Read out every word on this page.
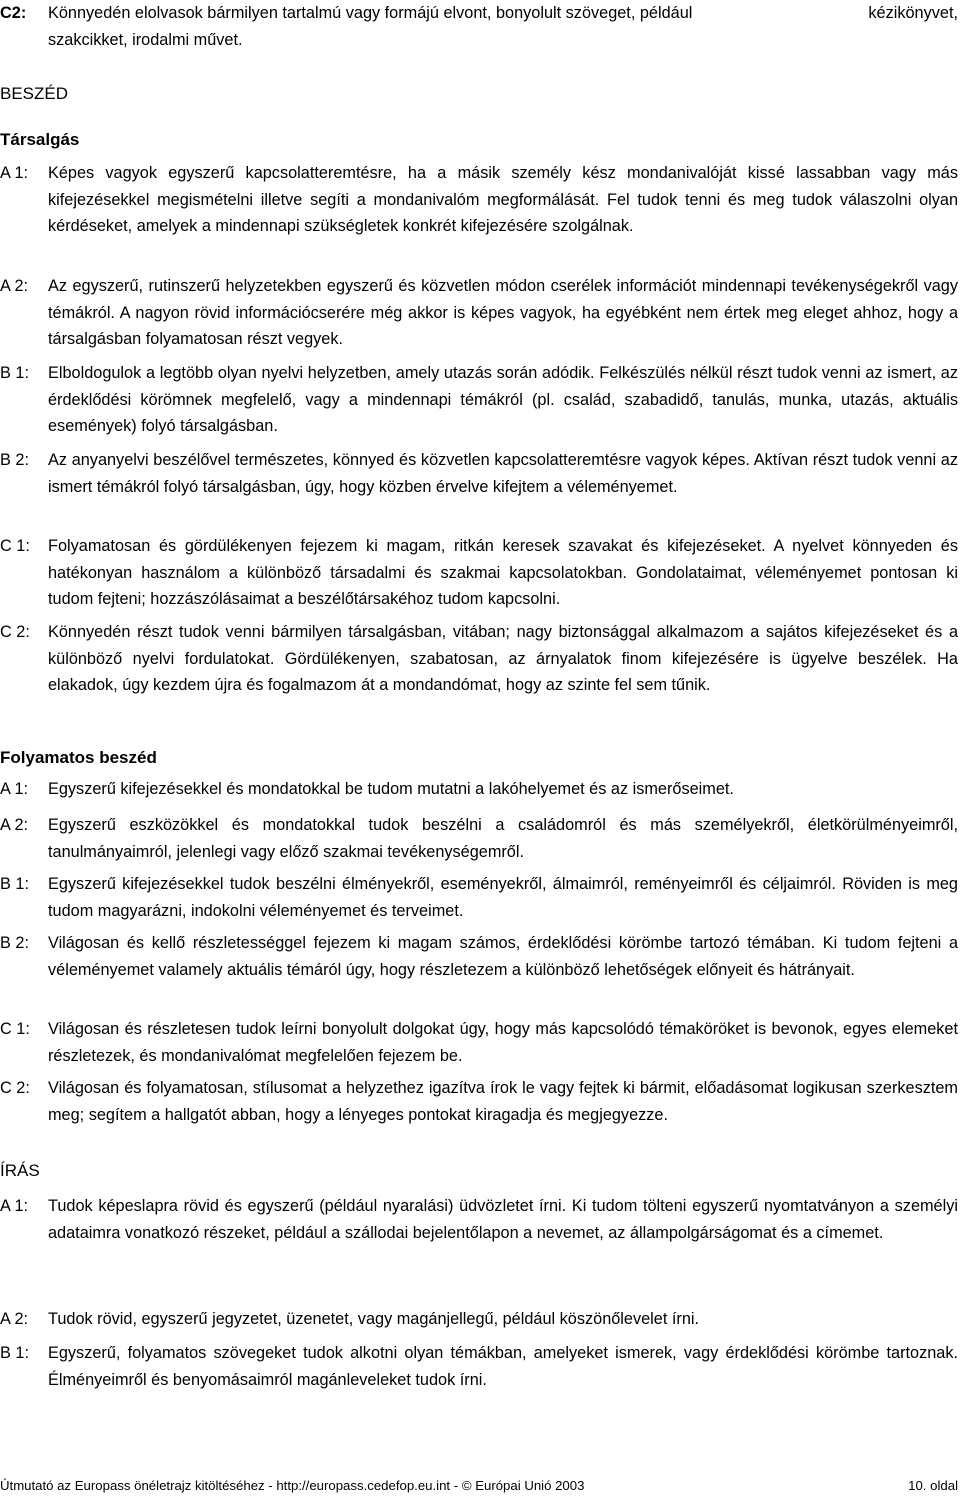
C2:	Könnyedén elolvasok bármilyen tartalmú vagy formájú elvont, bonyolult szöveget, például	kézikönyvet,
szakcikket, irodalmi művet.
BESZÉD
Társalgás
A 1:	Képes vagyok egyszerű kapcsolatteremtésre, ha a másik személy kész mondanivalóját kissé lassabban vagy más kifejezésekkel megismételni illetve segíti a mondanivalóm megformálását. Fel tudok tenni és meg tudok válaszolni olyan kérdéseket, amelyek a mindennapi szükségletek konkrét kifejezésére szolgálnak.
A 2:	Az egyszerű, rutinszerű helyzetekben egyszerű és közvetlen módon cserélek információt mindennapi tevékenységekről vagy témákról. A nagyon rövid információcserére még akkor is képes vagyok, ha egyébként nem értek meg eleget ahhoz, hogy a társalgásban folyamatosan részt vegyek.
B 1:	Elboldogulok a legtöbb olyan nyelvi helyzetben, amely utazás során adódik. Felkészülés nélkül részt tudok venni az ismert, az érdeklődési körömnek megfelelő, vagy a mindennapi témákról (pl. család, szabadidő, tanulás, munka, utazás, aktuális események) folyó társalgásban.
B 2:	Az anyanyelvi beszélővel természetes, könnyed és közvetlen kapcsolatteremtésre vagyok képes. Aktívan részt tudok venni az ismert témákról folyó társalgásban, úgy, hogy közben érvelve kifejtem a véleményemet.
C 1:	Folyamatosan és gördülékenyen fejezem ki magam, ritkán keresek szavakat és kifejezéseket. A nyelvet könnyeden és hatékonyan használom a különböző társadalmi és szakmai kapcsolatokban. Gondolataimat, véleményemet pontosan ki tudom fejteni; hozzászólásaimat a beszélőtársakéhoz tudom kapcsolni.
C 2:	Könnyedén részt tudok venni bármilyen társalgásban, vitában; nagy biztonsággal alkalmazom a sajátos kifejezéseket és a különböző nyelvi fordulatokat. Gördülékenyen, szabatosan, az árnyalatok finom kifejezésére is ügyelve beszélek. Ha elakadok, úgy kezdem újra és fogalmazom át a mondandómat, hogy az szinte fel sem tűnik.
Folyamatos beszéd
A 1:	Egyszerű kifejezésekkel és mondatokkal be tudom mutatni a lakóhelyemet és az ismerőseimet.
A 2:	Egyszerű eszközökkel és mondatokkal tudok beszélni a családomról és más személyekről, életkörülményeimről, tanulmányaimról, jelenlegi vagy előző szakmai tevékenységemről.
B 1:	Egyszerű kifejezésekkel tudok beszélni élményekről, eseményekről, álmaimról, reményeimről és céljaimról. Röviden is meg tudom magyarázni, indokolni véleményemet és terveimet.
B 2:	Világosan és kellő részletességgel fejezem ki magam számos, érdeklődési körömbe tartozó témában. Ki tudom fejteni a véleményemet valamely aktuális témáról úgy, hogy részletezem a különböző lehetőségek előnyeit és hátrányait.
C 1:	Világosan és részletesen tudok leírni bonyolult dolgokat úgy, hogy más kapcsolódó témaköröket is bevonok, egyes elemeket részletezek, és mondanivalómat megfelelően fejezem be.
C 2:	Világosan és folyamatosan, stílusomat a helyzethez igazítva írok le vagy fejtek ki bármit, előadásomat logikusan szerkesztem meg; segítem a hallgatót abban, hogy a lényeges pontokat kiragadja és megjegyezze.
ÍRÁS
A 1:	Tudok képeslapra rövid és egyszerű (például nyaralási) üdvözletet írni. Ki tudom tölteni egyszerű nyomtatványon a személyi adataimra vonatkozó részeket, például a szállodai bejelentőlapon a nevemet, az állampolgárságomat és a címemet.
A 2:	Tudok rövid, egyszerű jegyzetet, üzenetet, vagy magánjellegű, például köszönőlevelet írni.
B 1:	Egyszerű, folyamatos szövegeket tudok alkotni olyan témákban, amelyeket ismerek, vagy érdeklődési körömbe tartoznak. Élményeimről és benyomásaimról magánleveleket tudok írni.
Útmutató az Europass önéletrajz kitöltéséhez - http://europass.cedefop.eu.int - © Európai Unió 2003	10. oldal
